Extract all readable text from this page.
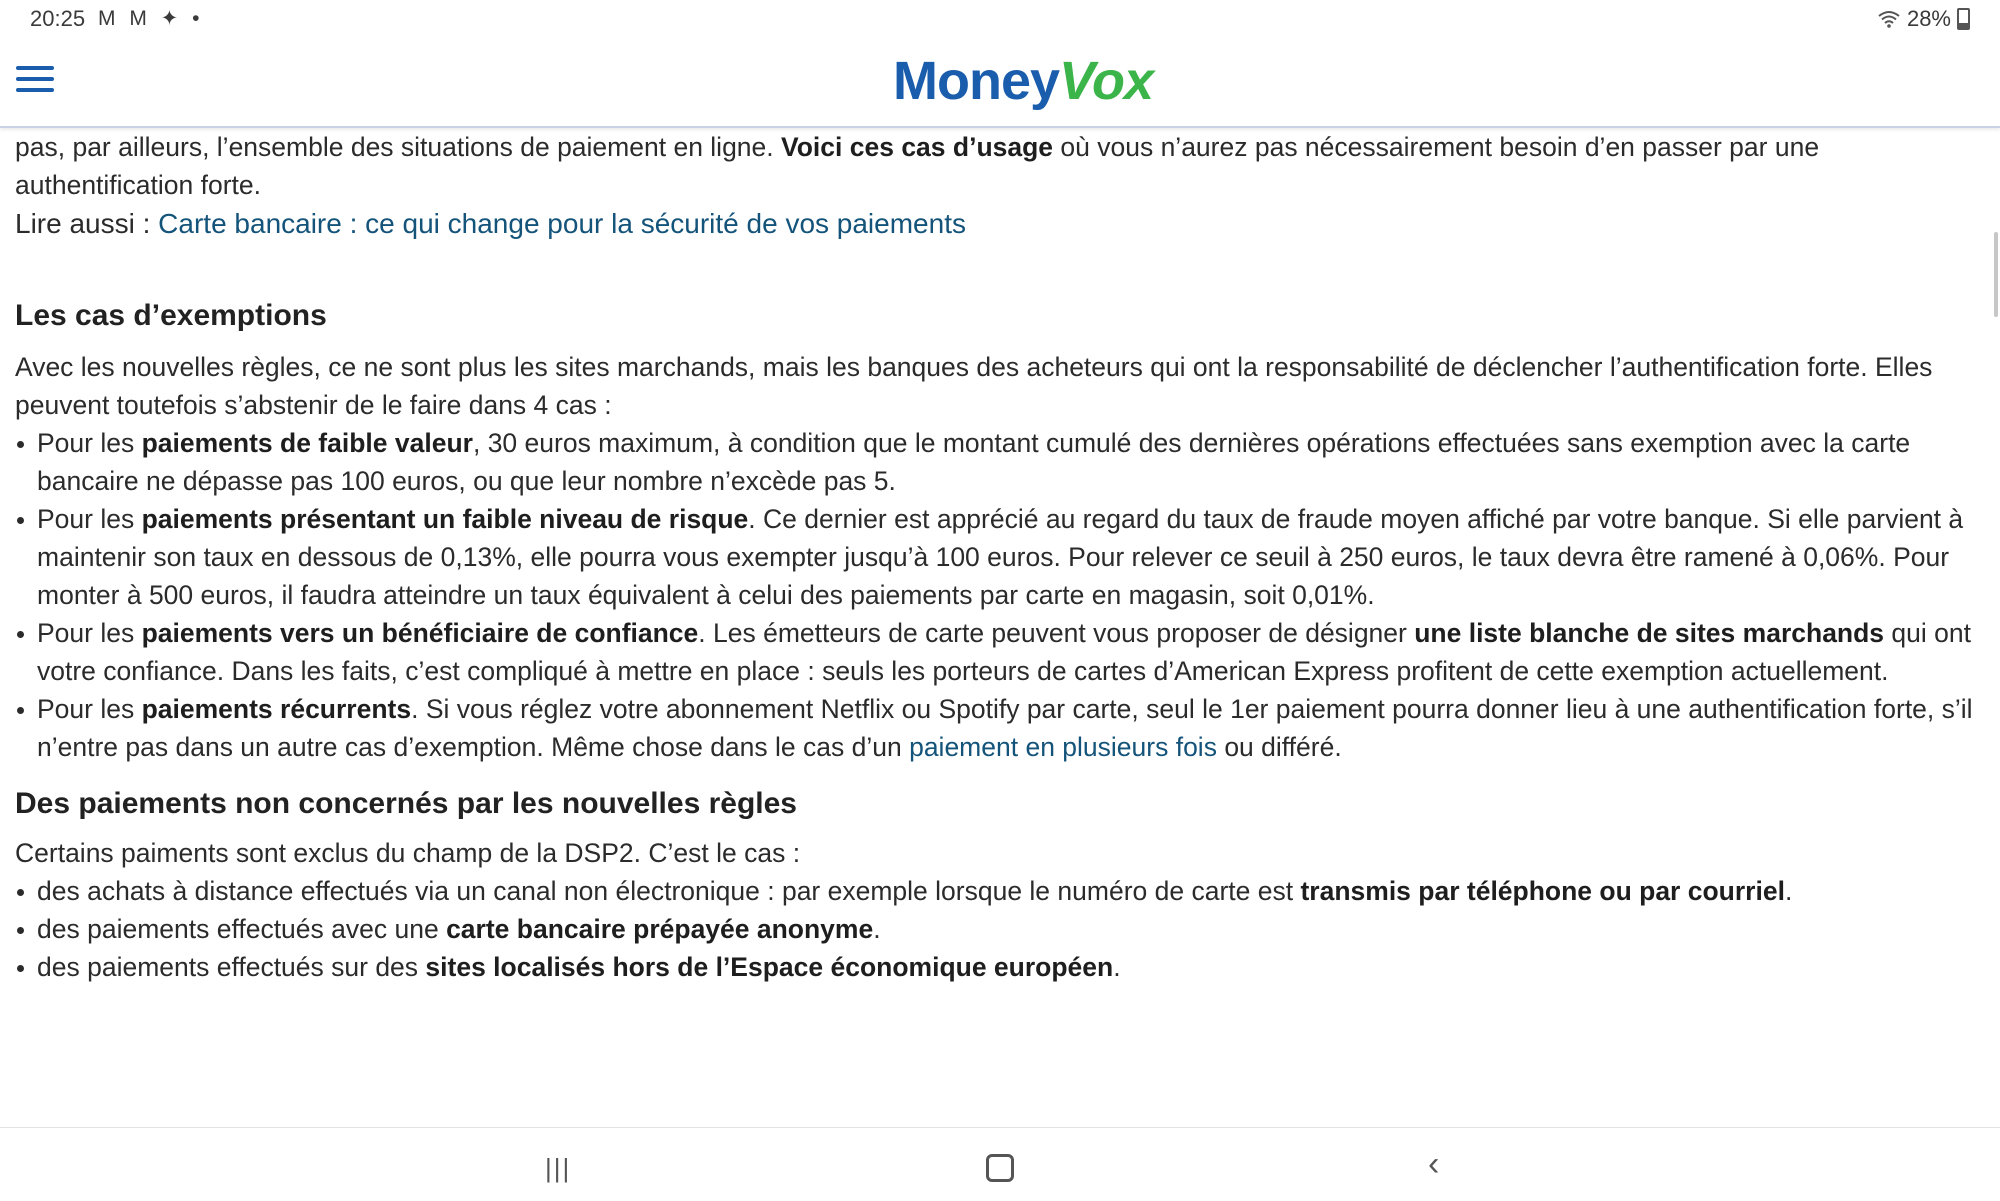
20:25 M M ✦ •	28%
MoneyVox

pas, par ailleurs, l’ensemble des situations de paiement en ligne. Voici ces cas d’usage où vous n’aurez pas nécessairement besoin d’en passer par une authentification forte.

Lire aussi : Carte bancaire : ce qui change pour la sécurité de vos paiements

Les cas d’exemptions

Avec les nouvelles règles, ce ne sont plus les sites marchands, mais les banques des acheteurs qui ont la responsabilité de déclencher l’authentification forte. Elles peuvent toutefois s’abstenir de le faire dans 4 cas :

Pour les paiements de faible valeur, 30 euros maximum, à condition que le montant cumulé des dernières opérations effectuées sans exemption avec la carte bancaire ne dépasse pas 100 euros, ou que leur nombre n’excède pas 5.
Pour les paiements présentant un faible niveau de risque. Ce dernier est apprécié au regard du taux de fraude moyen affiché par votre banque. Si elle parvient à maintenir son taux en dessous de 0,13%, elle pourra vous exempter jusqu’à 100 euros. Pour relever ce seuil à 250 euros, le taux devra être ramené à 0,06%. Pour monter à 500 euros, il faudra atteindre un taux équivalent à celui des paiements par carte en magasin, soit 0,01%.
Pour les paiements vers un bénéficiaire de confiance. Les émetteurs de carte peuvent vous proposer de désigner une liste blanche de sites marchands qui ont votre confiance. Dans les faits, c’est compliqué à mettre en place : seuls les porteurs de cartes d’American Express profitent de cette exemption actuellement.
Pour les paiements récurrents. Si vous réglez votre abonnement Netflix ou Spotify par carte, seul le 1er paiement pourra donner lieu à une authentification forte, s’il n’entre pas dans un autre cas d’exemption. Même chose dans le cas d’un paiement en plusieurs fois ou différé.
Des paiements non concernés par les nouvelles règles

Certains paiments sont exclus du champ de la DSP2. C’est le cas :

des achats à distance effectués via un canal non électronique : par exemple lorsque le numéro de carte est transmis par téléphone ou par courriel.
des paiements effectués avec une carte bancaire prépayée anonyme.
des paiements effectués sur des sites localisés hors de l’Espace économique européen.
|||	‹
